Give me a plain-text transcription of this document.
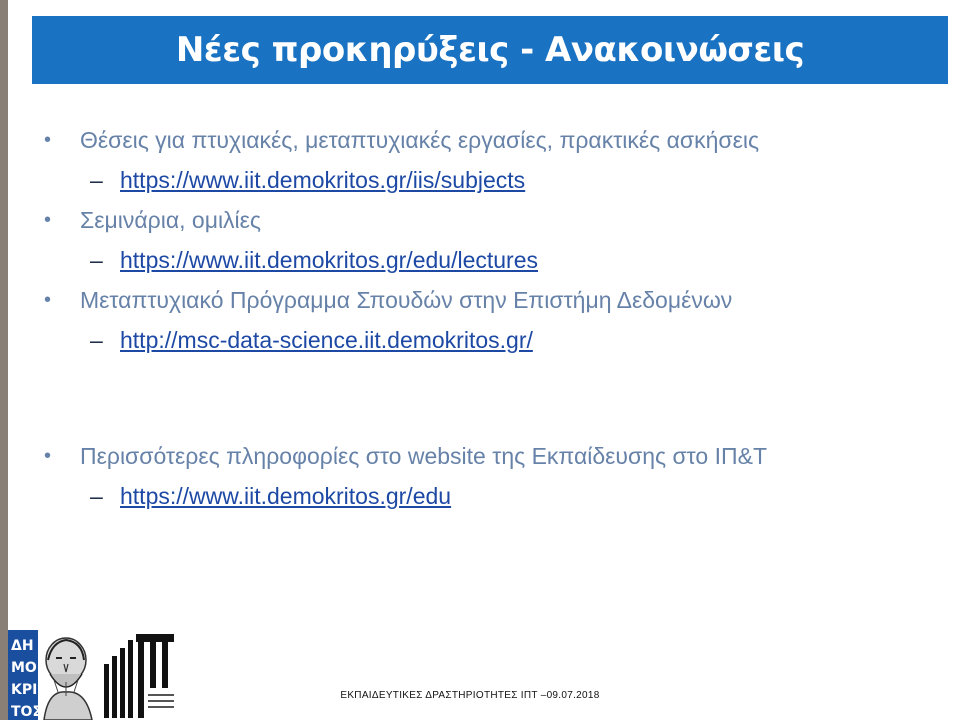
Νέες προκηρύξεις - Ανακοινώσεις
• Θέσεις για πτυχιακές, μεταπτυχιακές εργασίες, πρακτικές ασκήσεις
– https://www.iit.demokritos.gr/iis/subjects
• Σεμινάρια, ομιλίες
– https://www.iit.demokritos.gr/edu/lectures
• Μεταπτυχιακό Πρόγραμμα Σπουδών στην Επιστήμη Δεδομένων
– http://msc-data-science.iit.demokritos.gr/
• Περισσότερες πληροφορίες στο website της Εκπαίδευσης στο ΙΠ&Τ
– https://www.iit.demokritos.gr/edu
ΔΗ
ΜΟ
ΚΡΙ
ΤΟΣ
ΕΚΠΑΙΔΕΥΤΙΚΕΣ ΔΡΑΣΤΗΡΙΟΤΗΤΕΣ ΙΠΤ –09.07.2018
